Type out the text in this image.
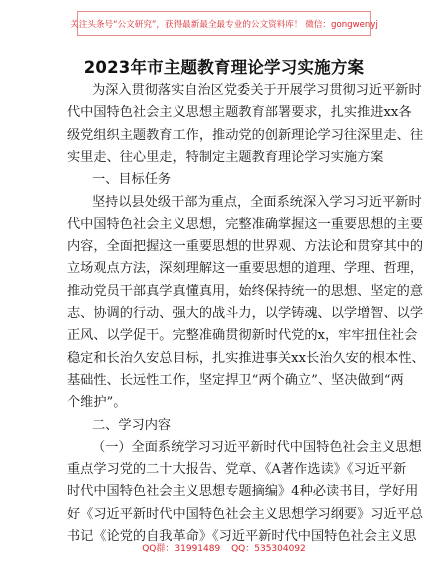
关注头条号“公文研究”，获得最新最全最专业的公文资料库！ 微信：gongwenyj
2023年市主题教育理论学习实施方案
为深入贯彻落实自治区党委关于开展学习贯彻习近平新时
代中国特色社会主义思想主题教育部署要求，扎实推进xx各
级党组织主题教育工作，推动党的创新理论学习往深里走、往
实里走、往心里走，特制定主题教育理论学习实施方案
一、目标任务
坚持以县处级干部为重点，全面系统深入学习习近平新时
代中国特色社会主义思想，完整准确掌握这一重要思想的主要
内容，全面把握这一重要思想的世界观、方法论和贯穿其中的
立场观点方法，深刻理解这一重要思想的道理、学理、哲理，
推动党员干部真学真懂真用，始终保持统一的思想、坚定的意
志、协调的行动、强大的战斗力，以学铸魂、以学增智、以学
正风、以学促干。完整准确贯彻新时代党的x，牢牢扭住社会
稳定和长治久安总目标，扎实推进事关xx长治久安的根本性、
基础性、长远性工作，坚定捍卫“两个确立”、坚决做到“两
个维护”。
二、学习内容
（一）全面系统学习习近平新时代中国特色社会主义思想
重点学习党的二十大报告、党章、《A著作选读》《习近平新
时代中国特色社会主义思想专题摘编》4种必读书目，学好用
好《习近平新时代中国特色社会主义思想学习纲要》习近平总
书记《论党的自我革命》《习近平新时代中国特色社会主义思
QQ群：31991489 QQ：535304092
